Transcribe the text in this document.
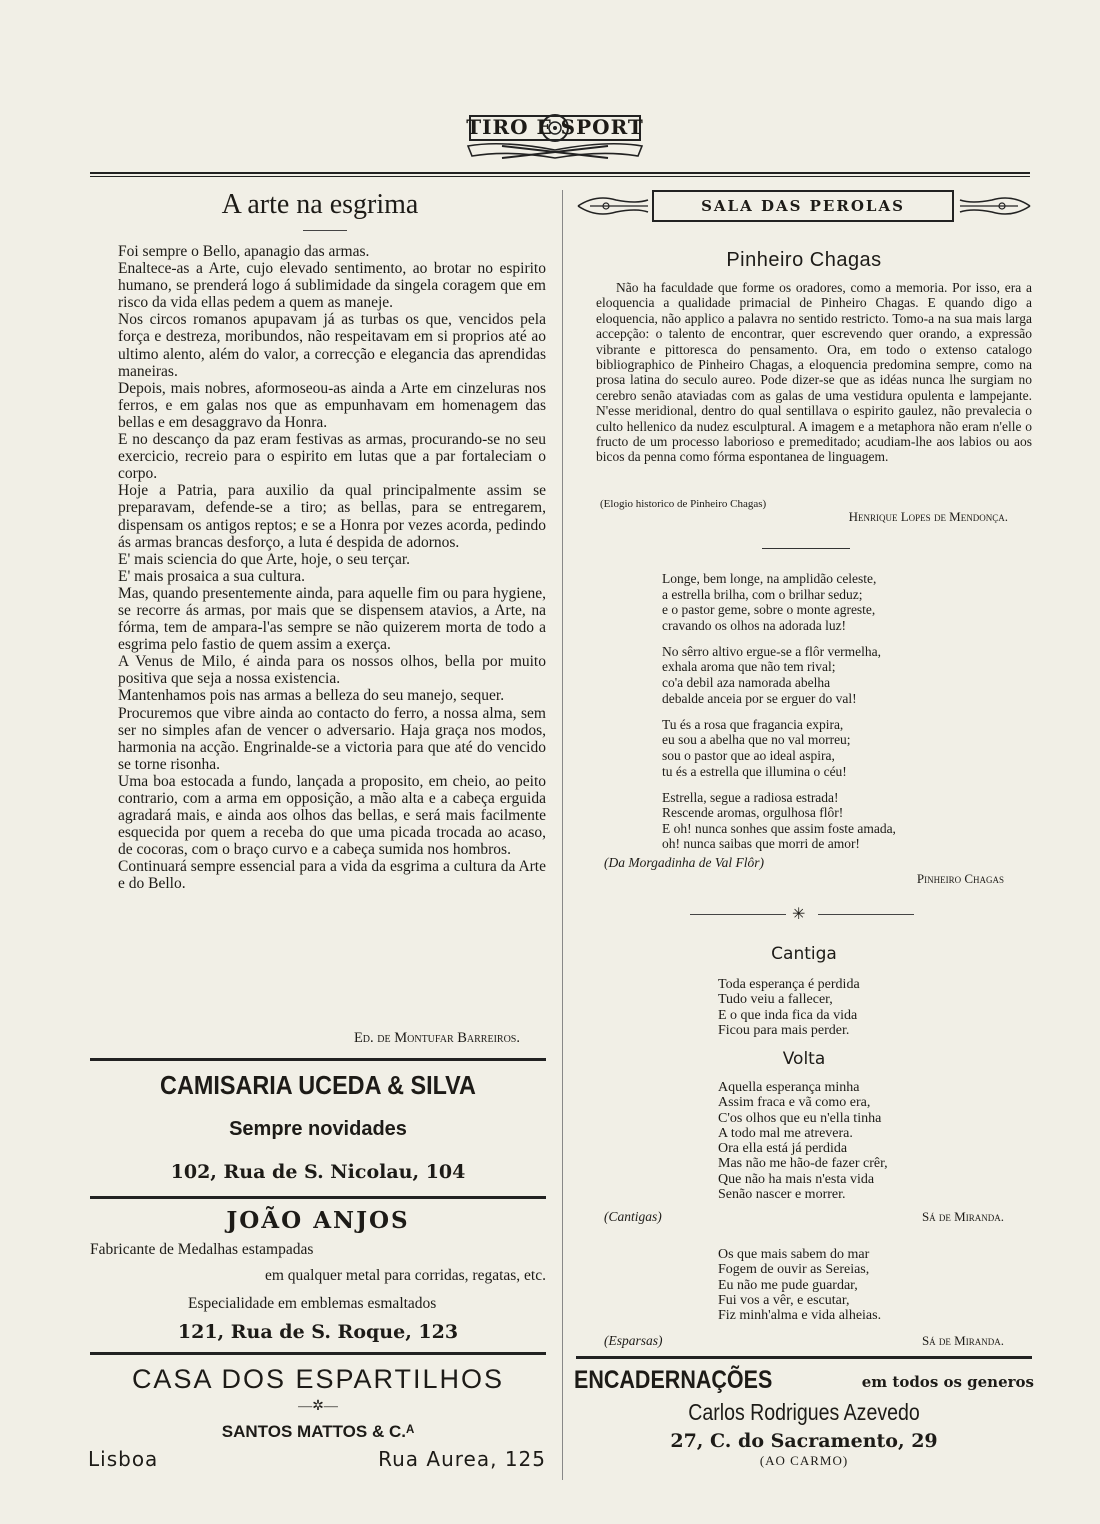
TIRO E SPORT
A arte na esgrima

Foi sempre o Bello, apanagio das armas.

Enaltece-as a Arte, cujo elevado sentimento, ao brotar no espirito humano, se prenderá logo á sublimidade da singela coragem que em risco da vida ellas pedem a quem as maneje.

Nos circos romanos apupavam já as turbas os que, vencidos pela força e destreza, moribundos, não respeitavam em si proprios até ao ultimo alento, além do valor, a correcção e elegancia das aprendidas maneiras.

Depois, mais nobres, aformoseou-as ainda a Arte em cinzeluras nos ferros, e em galas nos que as empunhavam em homenagem das bellas e em desaggravo da Honra.

E no descanço da paz eram festivas as armas, procurando-se no seu exercicio, recreio para o espirito em lutas que a par fortaleciam o corpo.

Hoje a Patria, para auxilio da qual principalmente assim se preparavam, defende-se a tiro; as bellas, para se entregarem, dispensam os antigos reptos; e se a Honra por vezes acorda, pedindo ás armas brancas desforço, a luta é despida de adornos.

E' mais sciencia do que Arte, hoje, o seu terçar.

E' mais prosaica a sua cultura.

Mas, quando presentemente ainda, para aquelle fim ou para hygiene, se recorre ás armas, por mais que se dispensem atavios, a Arte, na fórma, tem de ampara-l'as sempre se não quizerem morta de todo a esgrima pelo fastio de quem assim a exerça.

A Venus de Milo, é ainda para os nossos olhos, bella por muito positiva que seja a nossa existencia.

Mantenhamos pois nas armas a belleza do seu manejo, sequer.

Procuremos que vibre ainda ao contacto do ferro, a nossa alma, sem ser no simples afan de vencer o adversario. Haja graça nos modos, harmonia na acção. Engrinalde-se a victoria para que até do vencido se torne risonha.

Uma boa estocada a fundo, lançada a proposito, em cheio, ao peito contrario, com a arma em opposição, a mão alta e a cabeça erguida agradará mais, e ainda aos olhos das bellas, e será mais facilmente esquecida por quem a receba do que uma picada trocada ao acaso, de cocoras, com o braço curvo e a cabeça sumida nos hombros.

Continuará sempre essencial para a vida da esgrima a cultura da Arte e do Bello.

Ed. de Montufar Barreiros.
CAMISARIA UCEDA & SILVA
Sempre novidades
102, Rua de S. Nicolau, 104
JOÃO ANJOS
Fabricante de Medalhas estampadas
em qualquer metal para corridas, regatas, etc.
Especialidade em emblemas esmaltados
121, Rua de S. Roque, 123
CASA DOS ESPARTILHOS
—✲—
SANTOS MATTOS & C.ᴬ
Lisboa	Rua Aurea, 125
SALA DAS PEROLAS
Pinheiro Chagas
Não ha faculdade que forme os oradores, como a memoria. Por isso, era a eloquencia a qualidade primacial de Pinheiro Chagas. E quando digo a eloquencia, não applico a palavra no sentido restricto. Tomo-a na sua mais larga accepção: o talento de encontrar, quer escrevendo quer orando, a expressão vibrante e pittoresca do pensamento. Ora, em todo o extenso catalogo bibliographico de Pinheiro Chagas, a eloquencia predomina sempre, como na prosa latina do seculo aureo. Pode dizer-se que as idéas nunca lhe surgiam no cerebro senão ataviadas com as galas de uma vestidura opulenta e lampejante. N'esse meridional, dentro do qual sentillava o espirito gaulez, não prevalecia o culto hellenico da nudez esculptural. A imagem e a metaphora não eram n'elle o fructo de um processo laborioso e premeditado; acudiam-lhe aos labios ou aos bicos da penna como fórma espontanea de linguagem.
(Elogio historico de Pinheiro Chagas)
Henrique Lopes de Mendonça.
Longe, bem longe, na amplidão celeste,
a estrella brilha, com o brilhar seduz;
e o pastor geme, sobre o monte agreste,
cravando os olhos na adorada luz!
No sêrro altivo ergue-se a flôr vermelha,
exhala aroma que não tem rival;
co'a debil aza namorada abelha
debalde anceia por se erguer do val!
Tu és a rosa que fragancia expira,
eu sou a abelha que no val morreu;
sou o pastor que ao ideal aspira,
tu és a estrella que illumina o céu!
Estrella, segue a radiosa estrada!
Rescende aromas, orgulhosa flôr!
E oh! nunca sonhes que assim foste amada,
oh! nunca saibas que morri de amor!
(Da Morgadinha de Val Flôr)
Pinheiro Chagas
✳
Cantiga
Toda esperança é perdida
Tudo veiu a fallecer,
E o que inda fica da vida
Ficou para mais perder.
Volta
Aquella esperança minha
Assim fraca e vã como era,
C'os olhos que eu n'ella tinha
A todo mal me atrevera.
Ora ella está já perdida
Mas não me hão-de fazer crêr,
Que não ha mais n'esta vida
Senão nascer e morrer.
(Cantigas)	Sá de Miranda.
Os que mais sabem do mar
Fogem de ouvir as Sereias,
Eu não me pude guardar,
Fui vos a vêr, e escutar,
Fiz minh'alma e vida alheias.
(Esparsas)	Sá de Miranda.
ENCADERNAÇÕES	em todos os generos
Carlos Rodrigues Azevedo
27, C. do Sacramento, 29
(AO CARMO)
